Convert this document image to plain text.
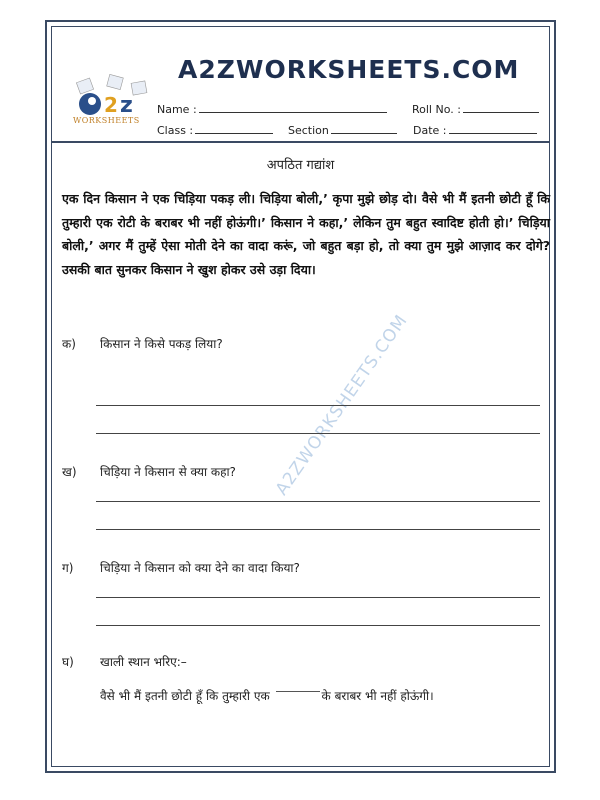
A2ZWORKSHEETS.COM
2 z
WORKSHEETS
Name :	Roll No. :
Class :	Section	Date :
अपठित गद्यांश
एक दिन किसान ने एक चिड़िया पकड़ ली। चिड़िया बोली,’ कृपा मुझे छोड़ दो। वैसे भी मैं इतनी छोटी हूँ कि तुम्हारी एक रोटी के बराबर भी नहीं होऊंगी।’ किसान ने कहा,’ लेकिन तुम बहुत स्वादिष्ट होती हो।’ चिड़िया बोली,’ अगर मैं तुम्हें ऐसा मोती देने का वादा करूं, जो बहुत बड़ा हो, तो क्या तुम मुझे आज़ाद कर दोगे? उसकी बात सुनकर किसान ने खुश होकर उसे उड़ा दिया।
A2ZWORKSHEETS.COM
क) किसान ने किसे पकड़ लिया?
ख) चिड़िया ने किसान से क्या कहा?
ग) चिड़िया ने किसान को क्या देने का वादा किया?
घ) खाली स्थान भरिए:–
वैसे भी मैं इतनी छोटी हूँ कि तुम्हारी एक	के बराबर भी नहीं होऊंगी।
